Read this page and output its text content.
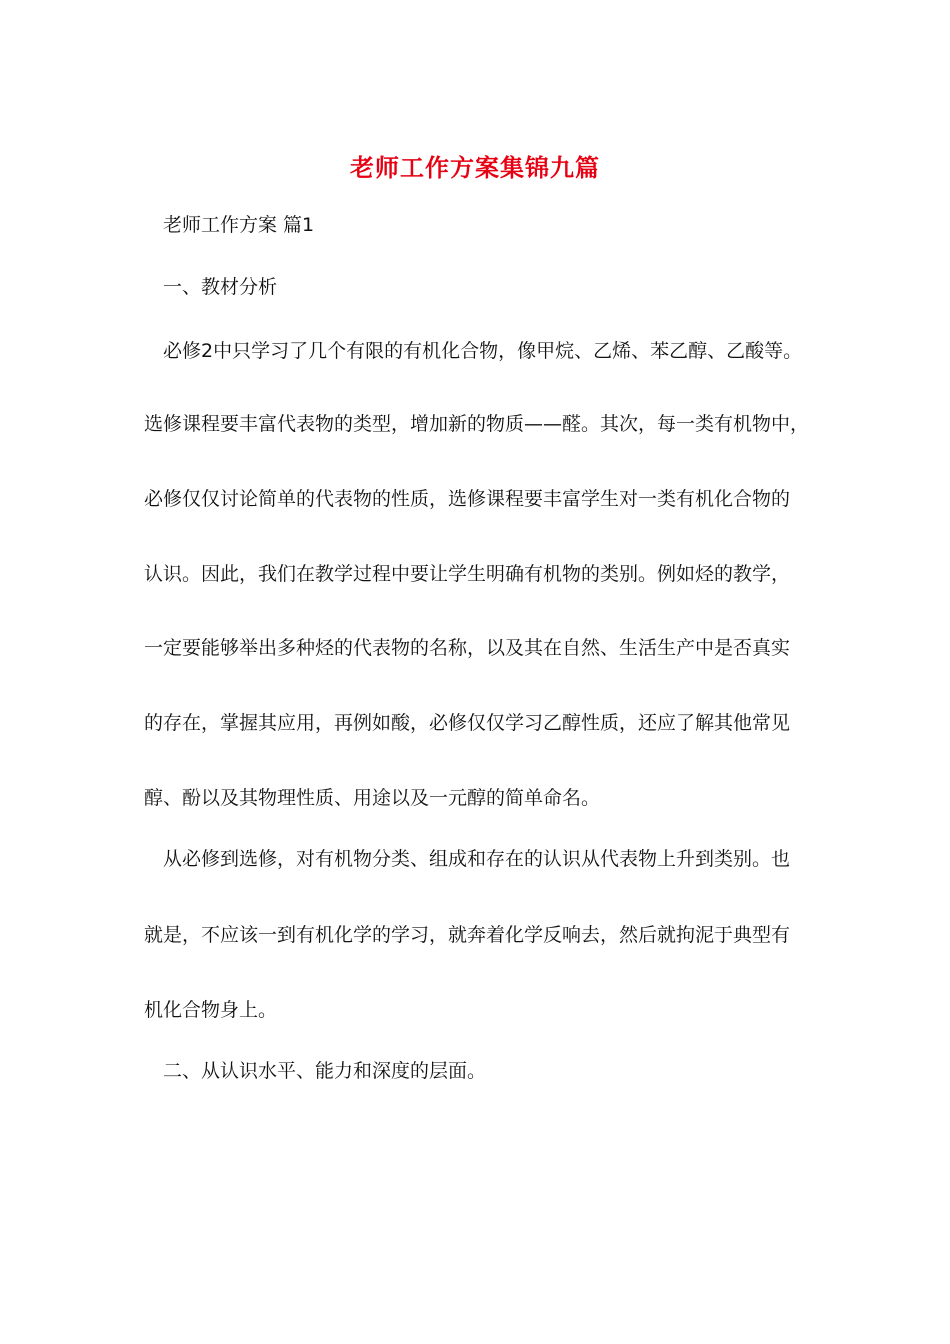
老师工作方案集锦九篇
老师工作方案 篇1
一、教材分析
必修2中只学习了几个有限的有机化合物，像甲烷、乙烯、苯乙醇、乙酸等。
选修课程要丰富代表物的类型，增加新的物质——醛。其次，每一类有机物中，
必修仅仅讨论简单的代表物的性质，选修课程要丰富学生对一类有机化合物的
认识。因此，我们在教学过程中要让学生明确有机物的类别。例如烃的教学，
一定要能够举出多种烃的代表物的名称，以及其在自然、生活生产中是否真实
的存在，掌握其应用，再例如酸，必修仅仅学习乙醇性质，还应了解其他常见
醇、酚以及其物理性质、用途以及一元醇的简单命名。
从必修到选修，对有机物分类、组成和存在的认识从代表物上升到类别。也
就是，不应该一到有机化学的学习，就奔着化学反响去，然后就拘泥于典型有
机化合物身上。
二、从认识水平、能力和深度的层面。
